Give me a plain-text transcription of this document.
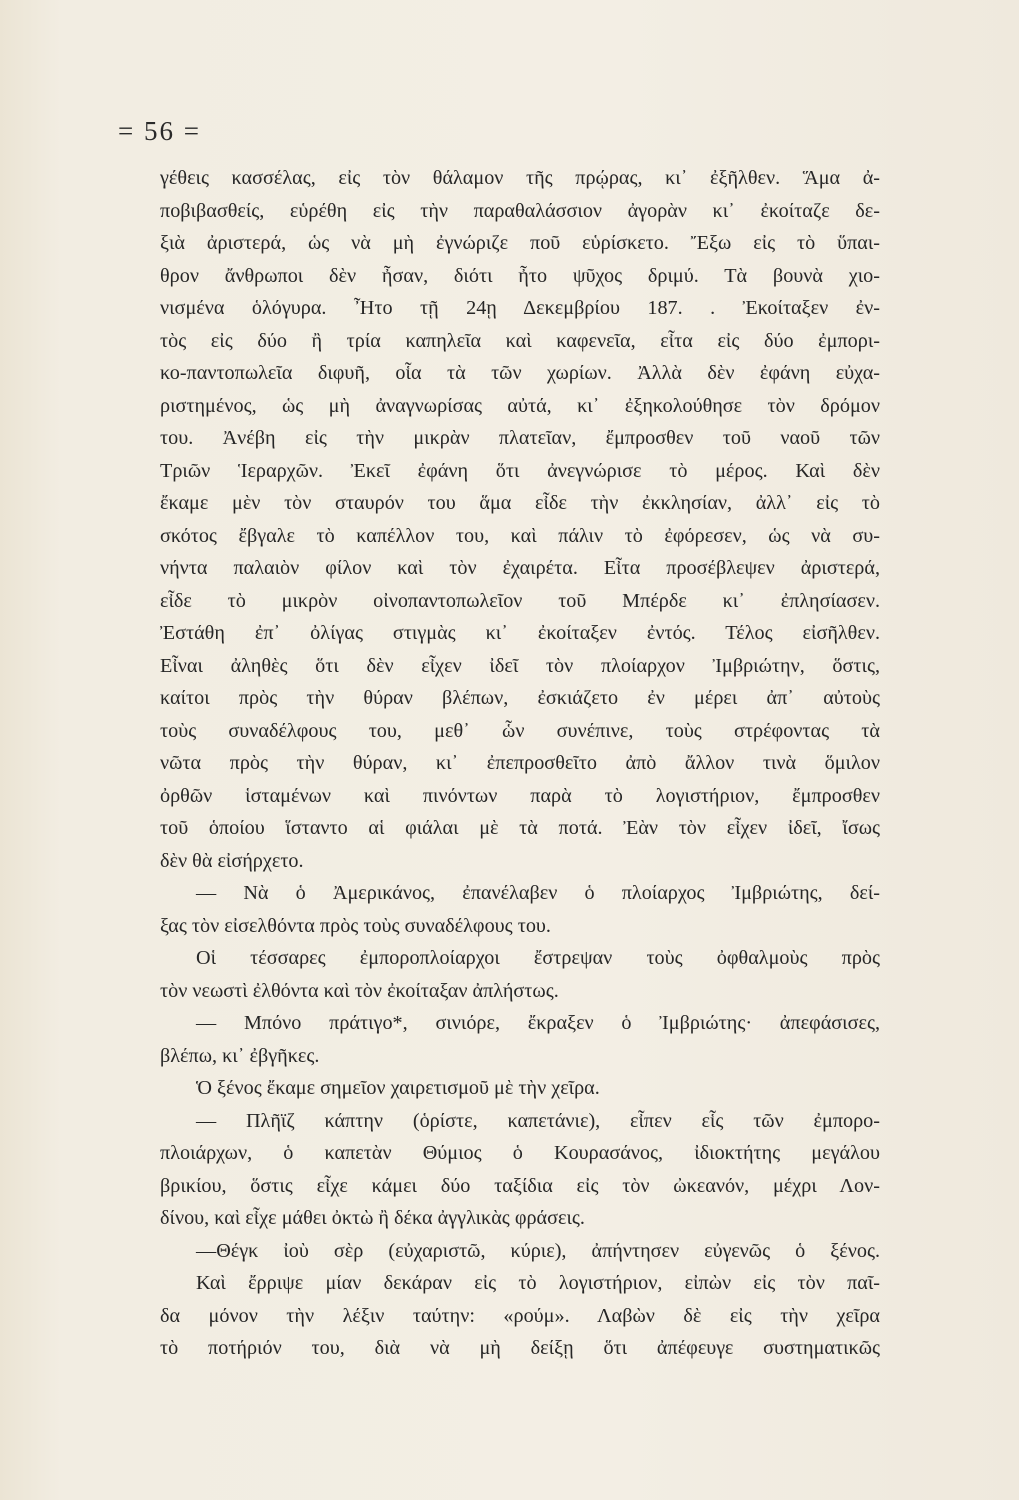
= 56 =
γέθεις κασσέλας, εἰς τὸν θάλαμον τῆς πρῴρας, κι᾽ ἐξῆλθεν. Ἅμα ἀ-
ποβιβασθείς, εὑρέθη εἰς τὴν παραθαλάσσιον ἀγορὰν κι᾽ ἐκοίταζε δε-
ξιὰ ἀριστερά, ὡς νὰ μὴ ἐγνώριζε ποῦ εὑρίσκετο. Ἔξω εἰς τὸ ὕπαι-
θρον ἄνθρωποι δὲν ἦσαν, διότι ἦτο ψῦχος δριμύ. Τὰ βουνὰ χιο-
νισμένα ὁλόγυρα. Ἦτο τῇ 24ῃ Δεκεμβρίου 187. . Ἐκοίταξεν ἐν-
τὸς εἰς δύο ἢ τρία καπηλεῖα καὶ καφενεῖα, εἶτα εἰς δύο ἐμπορι-
κο-παντοπωλεῖα διφυῆ, οἷα τὰ τῶν χωρίων. Ἀλλὰ δὲν ἐφάνη εὐχα-
ριστημένος, ὡς μὴ ἀναγνωρίσας αὐτά, κι᾽ ἐξηκολούθησε τὸν δρόμον
του. Ἀνέβη εἰς τὴν μικρὰν πλατεῖαν, ἔμπροσθεν τοῦ ναοῦ τῶν
Τριῶν Ἱεραρχῶν. Ἐκεῖ ἐφάνη ὅτι ἀνεγνώρισε τὸ μέρος. Καὶ δὲν
ἔκαμε μὲν τὸν σταυρόν του ἅμα εἶδε τὴν ἐκκλησίαν, ἀλλ᾽ εἰς τὸ
σκότος ἔβγαλε τὸ καπέλλον του, καὶ πάλιν τὸ ἐφόρεσεν, ὡς νὰ συ-
νήντα παλαιὸν φίλον καὶ τὸν ἐχαιρέτα. Εἶτα προσέβλεψεν ἀριστερά,
εἶδε τὸ μικρὸν οἰνοπαντοπωλεῖον τοῦ Μπέρδε κι᾽ ἐπλησίασεν.
Ἐστάθη ἐπ᾽ ὀλίγας στιγμὰς κι᾽ ἐκοίταξεν ἐντός. Τέλος εἰσῆλθεν.
Εἶναι ἀληθὲς ὅτι δὲν εἶχεν ἰδεῖ τὸν πλοίαρχον Ἰμβριώτην, ὅστις,
καίτοι πρὸς τὴν θύραν βλέπων, ἐσκιάζετο ἐν μέρει ἀπ᾽ αὐτοὺς
τοὺς συναδέλφους του, μεθ᾽ ὧν συνέπινε, τοὺς στρέφοντας τὰ
νῶτα πρὸς τὴν θύραν, κι᾽ ἐπεπροσθεῖτο ἀπὸ ἄλλον τινὰ ὅμιλον
ὀρθῶν ἱσταμένων καὶ πινόντων παρὰ τὸ λογιστήριον, ἔμπροσθεν
τοῦ ὁποίου ἵσταντο αἱ φιάλαι μὲ τὰ ποτά. Ἐὰν τὸν εἶχεν ἰδεῖ, ἴσως
δὲν θὰ εἰσήρχετο.
— Νὰ ὁ Ἀμερικάνος, ἐπανέλαβεν ὁ πλοίαρχος Ἰμβριώτης, δεί-
ξας τὸν εἰσελθόντα πρὸς τοὺς συναδέλφους του.
Οἱ τέσσαρες ἐμποροπλοίαρχοι ἔστρεψαν τοὺς ὀφθαλμοὺς πρὸς
τὸν νεωστὶ ἐλθόντα καὶ τὸν ἐκοίταξαν ἀπλήστως.
— Μπόνο πράτιγο*, σινιόρε, ἔκραξεν ὁ Ἰμβριώτης· ἀπεφάσισες,
βλέπω, κι᾽ ἐβγῆκες.
Ὁ ξένος ἔκαμε σημεῖον χαιρετισμοῦ μὲ τὴν χεῖρα.
— Πλῆϊζ κάπτην (ὁρίστε, καπετάνιε), εἶπεν εἷς τῶν ἐμπορο-
πλοιάρχων, ὁ καπετὰν Θύμιος ὁ Κουρασάνος, ἰδιοκτήτης μεγάλου
βρικίου, ὅστις εἶχε κάμει δύο ταξίδια εἰς τὸν ὠκεανόν, μέχρι Λον-
δίνου, καὶ εἶχε μάθει ὀκτὼ ἢ δέκα ἀγγλικὰς φράσεις.
—Θέγκ ἰοὺ σὲρ (εὐχαριστῶ, κύριε), ἀπήντησεν εὐγενῶς ὁ ξένος.
Καὶ ἔρριψε μίαν δεκάραν εἰς τὸ λογιστήριον, εἰπὼν εἰς τὸν παῖ-
δα μόνον τὴν λέξιν ταύτην: «ρούμ». Λαβὼν δὲ εἰς τὴν χεῖρα
τὸ ποτήριόν του, διὰ νὰ μὴ δείξῃ ὅτι ἀπέφευγε συστηματικῶς
